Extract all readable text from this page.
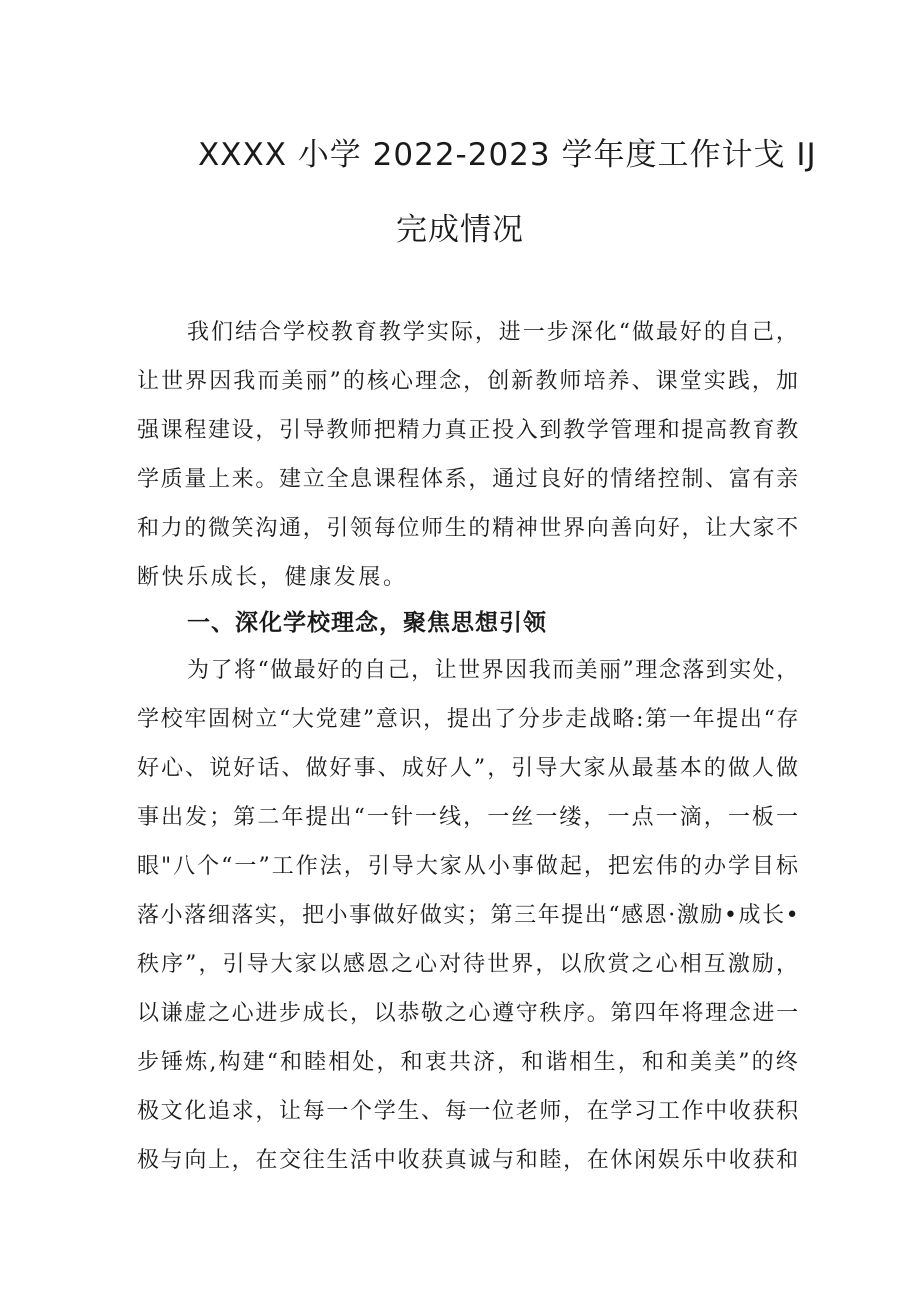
XXXX 小学 2022-2023 学年度工作计戈 IJ
完成情况
我们结合学校教育教学实际，进一步深化“做最好的自己，
让世界因我而美丽”的核心理念，创新教师培养、课堂实践，加
强课程建设，引导教师把精力真正投入到教学管理和提高教育教
学质量上来。建立全息课程体系，通过良好的情绪控制、富有亲
和力的微笑沟通，引领每位师生的精神世界向善向好，让大家不
断快乐成长，健康发展。
一、深化学校理念，聚焦思想引领
为了将“做最好的自己，让世界因我而美丽”理念落到实处，
学校牢固树立“大党建”意识，提出了分步走战略:第一年提出“存
好心、说好话、做好事、成好人”，引导大家从最基本的做人做
事出发；第二年提出“一针一线，一丝一缕，一点一滴，一板一
眼"八个“一”工作法，引导大家从小事做起，把宏伟的办学目标
落小落细落实，把小事做好做实；第三年提出“感恩·激励•成长•
秩序”，引导大家以感恩之心对待世界，以欣赏之心相互激励，
以谦虚之心进步成长，以恭敬之心遵守秩序。第四年将理念进一
步锤炼,构建“和睦相处，和衷共济，和谐相生，和和美美”的终
极文化追求，让每一个学生、每一位老师，在学习工作中收获积
极与向上，在交往生活中收获真诚与和睦，在休闲娱乐中收获和
